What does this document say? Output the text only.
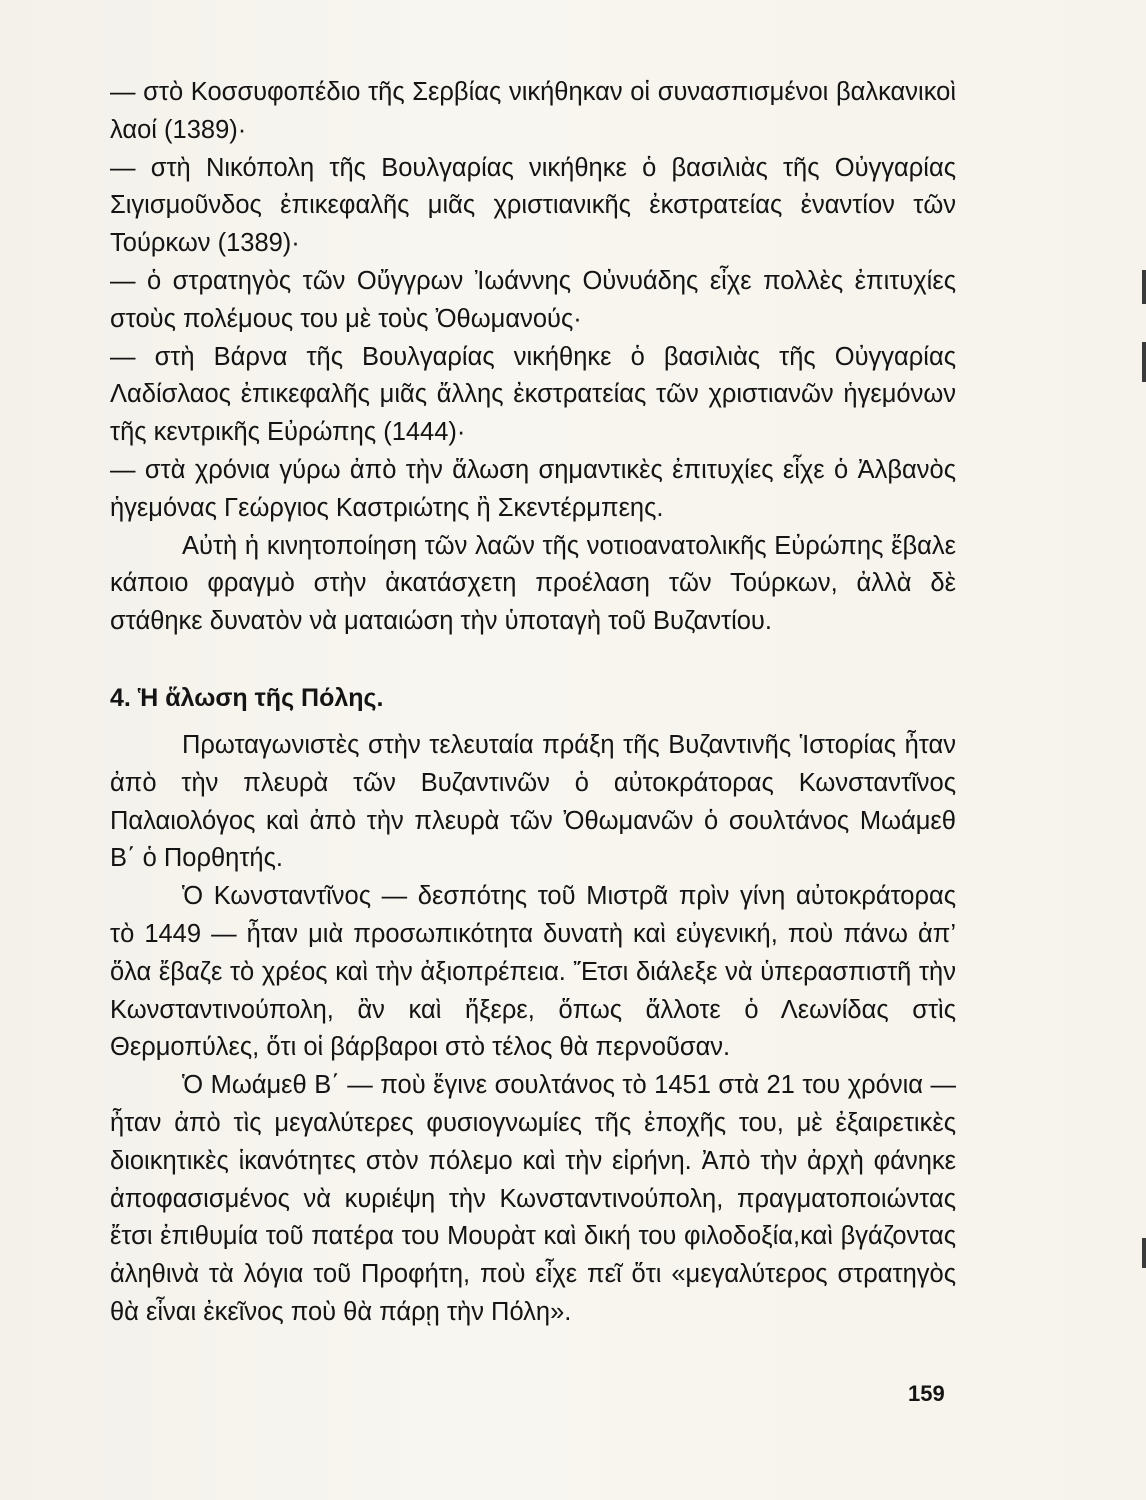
— στὸ Κοσσυφοπέδιο τῆς Σερβίας νικήθηκαν οἱ συνασπισμένοι βαλκανικοὶ λαοί (1389)·

— στὴ Νικόπολη τῆς Βουλγαρίας νικήθηκε ὁ βασιλιὰς τῆς Οὐγγαρίας Σιγισμοῦνδος ἐπικεφαλῆς μιᾶς χριστιανικῆς ἐκστρατείας ἐναντίον τῶν Τούρκων (1389)·

— ὁ στρατηγὸς τῶν Οὔγγρων Ἰωάννης Οὐνυάδης εἶχε πολλὲς ἐπιτυχίες στοὺς πολέμους του μὲ τοὺς Ὀθωμανούς·

— στὴ Βάρνα τῆς Βουλγαρίας νικήθηκε ὁ βασιλιὰς τῆς Οὐγγαρίας Λαδίσλαος ἐπικεφαλῆς μιᾶς ἄλλης ἐκστρατείας τῶν χριστιανῶν ἡγεμόνων τῆς κεντρικῆς Εὐρώπης (1444)·

— στὰ χρόνια γύρω ἀπὸ τὴν ἅλωση σημαντικὲς ἐπιτυχίες εἶχε ὁ Ἀλβανὸς ἡγεμόνας Γεώργιος Καστριώτης ἢ Σκεντέρμπεης.

Αὐτὴ ἡ κινητοποίηση τῶν λαῶν τῆς νοτιοανατολικῆς Εὐρώπης ἔβαλε κάποιο φραγμὸ στὴν ἀκατάσχετη προέλαση τῶν Τούρκων, ἀλλὰ δὲ στάθηκε δυνατὸν νὰ ματαιώση τὴν ὑποταγὴ τοῦ Βυζαντίου.

4. Ἡ ἅλωση τῆς Πόλης.

Πρωταγωνιστὲς στὴν τελευταία πράξη τῆς Βυζαντινῆς Ἱστορίας ἦταν ἀπὸ τὴν πλευρὰ τῶν Βυζαντινῶν ὁ αὐτοκράτορας Κωνσταντῖνος Παλαιολόγος καὶ ἀπὸ τὴν πλευρὰ τῶν Ὀθωμανῶν ὁ σουλτάνος Μωάμεθ Β΄ ὁ Πορθητής.

Ὁ Κωνσταντῖνος — δεσπότης τοῦ Μιστρᾶ πρὶν γίνη αὐτοκράτορας τὸ 1449 — ἦταν μιὰ προσωπικότητα δυνατὴ καὶ εὐγενική, ποὺ πάνω ἀπ’ ὅλα ἔβαζε τὸ χρέος καὶ τὴν ἀξιοπρέπεια. Ἔτσι διάλεξε νὰ ὑπερασπιστῆ τὴν Κωνσταντινούπολη, ἂν καὶ ἤξερε, ὅπως ἄλλοτε ὁ Λεωνίδας στὶς Θερμοπύλες, ὅτι οἱ βάρβαροι στὸ τέλος θὰ περνοῦσαν.

Ὁ Μωάμεθ Β΄ — ποὺ ἔγινε σουλτάνος τὸ 1451 στὰ 21 του χρόνια — ἦταν ἀπὸ τὶς μεγαλύτερες φυσιογνωμίες τῆς ἐποχῆς του, μὲ ἐξαιρετικὲς διοικητικὲς ἱκανότητες στὸν πόλεμο καὶ τὴν εἰρήνη. Ἀπὸ τὴν ἀρχὴ φάνηκε ἀποφασισμένος νὰ κυριέψη τὴν Κωνσταντινούπολη, πραγματοποιώντας ἔτσι ἐπιθυμία τοῦ πατέρα του Μουρὰτ καὶ δική του φιλοδοξία,καὶ βγάζοντας ἀληθινὰ τὰ λόγια τοῦ Προφήτη, ποὺ εἶχε πεῖ ὅτι «μεγαλύτερος στρατηγὸς θὰ εἶναι ἐκεῖνος ποὺ θὰ πάρῃ τὴν Πόλη».

159
